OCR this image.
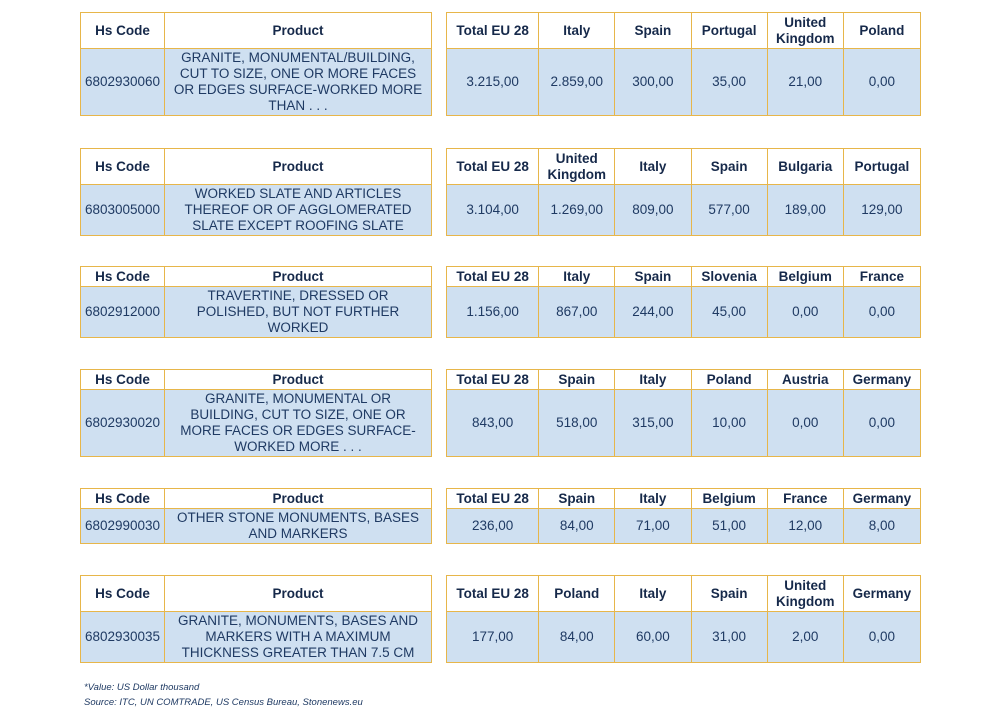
Hs Code	Product
6802930060	GRANITE, MONUMENTAL/BUILDING, CUT TO SIZE, ONE OR MORE FACES OR EDGES SURFACE-WORKED MORE THAN . . .
Total EU 28	Italy	Spain	Portugal	United Kingdom	Poland
3.215,00	2.859,00	300,00	35,00	21,00	0,00
Hs Code	Product
6803005000	WORKED SLATE AND ARTICLES THEREOF OR OF AGGLOMERATED SLATE EXCEPT ROOFING SLATE
Total EU 28	United Kingdom	Italy	Spain	Bulgaria	Portugal
3.104,00	1.269,00	809,00	577,00	189,00	129,00
Hs Code	Product
6802912000	TRAVERTINE, DRESSED OR POLISHED, BUT NOT FURTHER WORKED
Total EU 28	Italy	Spain	Slovenia	Belgium	France
1.156,00	867,00	244,00	45,00	0,00	0,00
Hs Code	Product
6802930020	GRANITE, MONUMENTAL OR BUILDING, CUT TO SIZE, ONE OR MORE FACES OR EDGES SURFACE-WORKED MORE . . .
Total EU 28	Spain	Italy	Poland	Austria	Germany
843,00	518,00	315,00	10,00	0,00	0,00
Hs Code	Product
6802990030	OTHER STONE MONUMENTS, BASES AND MARKERS
Total EU 28	Spain	Italy	Belgium	France	Germany
236,00	84,00	71,00	51,00	12,00	8,00
Hs Code	Product
6802930035	GRANITE, MONUMENTS, BASES AND MARKERS WITH A MAXIMUM THICKNESS GREATER THAN 7.5 CM
Total EU 28	Poland	Italy	Spain	United Kingdom	Germany
177,00	84,00	60,00	31,00	2,00	0,00
*Value: US Dollar thousand
Source: ITC, UN COMTRADE, US Census Bureau, Stonenews.eu
